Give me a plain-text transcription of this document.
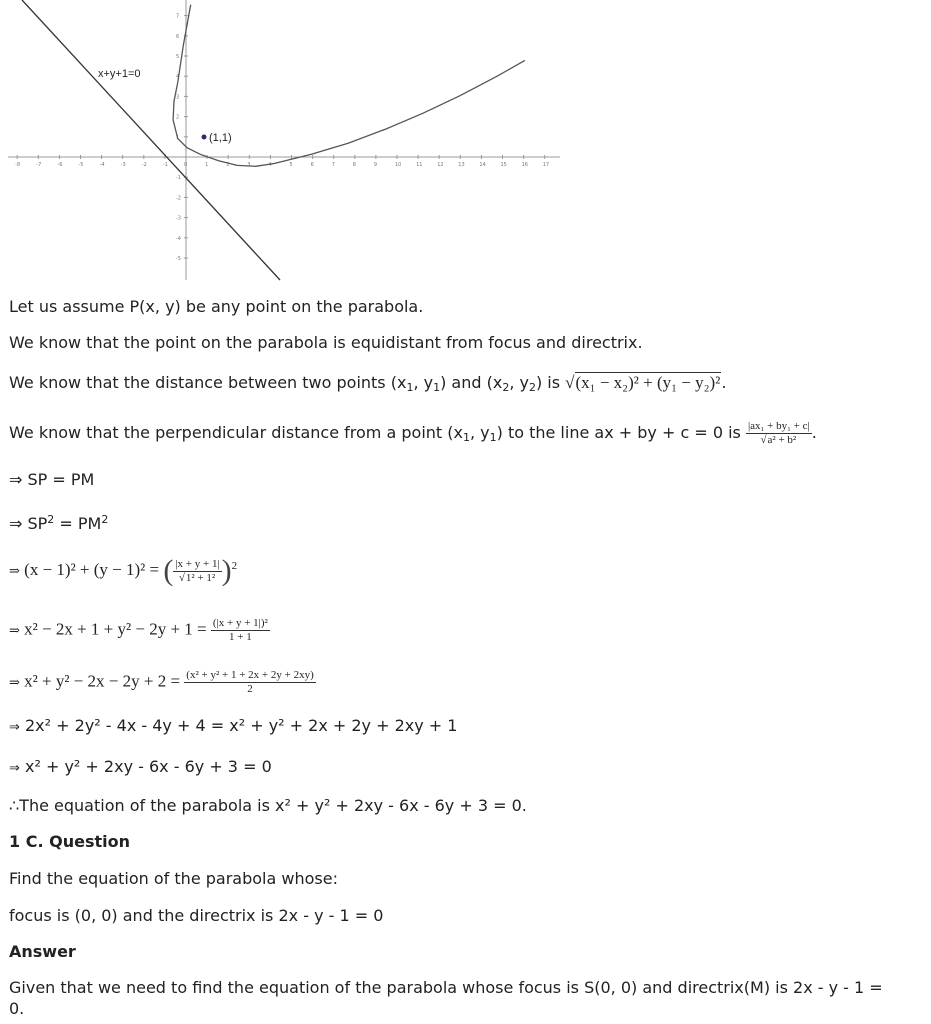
-8	-7	-6	-5	-4	-3	-2	-1	0	1	2	3	4	5	6	7	8	9	10	11	12	13	14	15	16	17
7
6
5
4
3
2
1
-1
-2
-3
-4
-5
(1,1)
x+y+1=0
Let us assume P(x, y) be any point on the parabola.
We know that the point on the parabola is equidistant from focus and directrix.
We know that the distance between two points ($x_1$, $y_1$) and ($x_2$, $y_2$) is √(x₁ − x₂)² + (y₁ − y₂)².
We know that the perpendicular distance from a point ($x_1$, $y_1$) to the line ax + by + c = 0 is $\frac{\text{|ax₁ + by₁ + c|}}{\text{√a² + b²}}$ .
⇒ SP = PM
⇒ $SP^2 = PM^2$
⇒ (x − 1)² + (y − 1)² = ( $\frac{|x + y + 1|}{\text{√1² + 1²}} )^2$
⇒ $x^2 - 2x + 1 + y^2 - 2y + 1 = \frac{\text{(|x + y + 1|)²}}{1 + 1}$
⇒ $x^2 + y^2 - 2x - 2y + 2 = \frac{\text{(x² + y² + 1 + 2x + 2y + 2xy)}}{2}$
⇒ 2x² + 2y² - 4x - 4y + 4 = x² + y² + 2x + 2y + 2xy + 1
⇒ x² + y² + 2xy - 6x - 6y + 3 = 0
∴The equation of the parabola is x² + y² + 2xy - 6x - 6y + 3 = 0.
1 C. Question
Find the equation of the parabola whose:
focus is (0, 0) and the directrix is 2x - y - 1 = 0
Answer
Given that we need to find the equation of the parabola whose focus is S(0, 0) and directrix(M) is 2x - y - 1 =
0.
